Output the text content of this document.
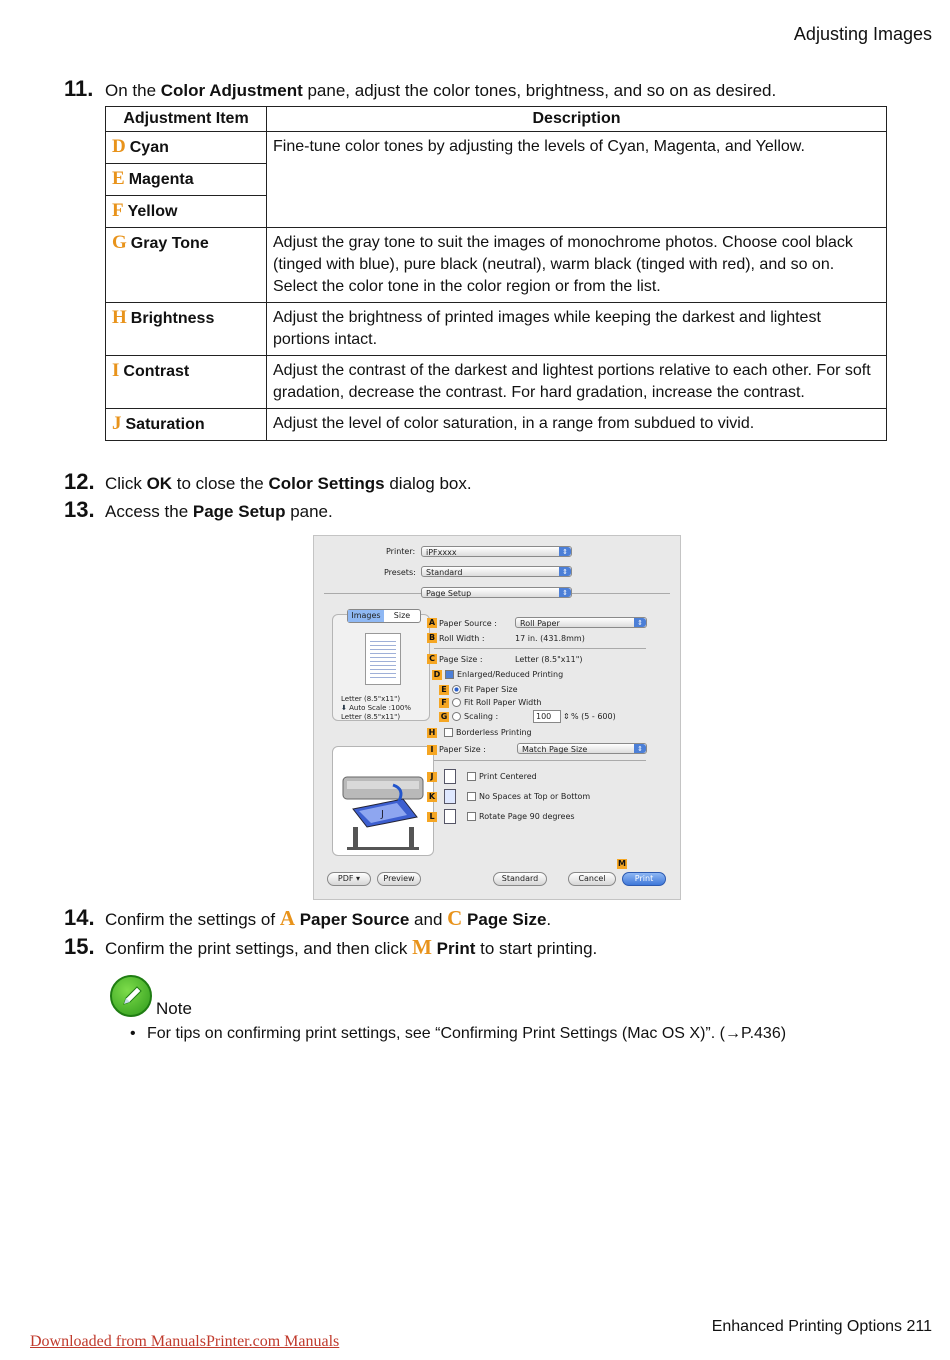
Adjusting Images
11. On the Color Adjustment pane, adjust the color tones, brightness, and so on as desired.
Adjustment Item	Description
D Cyan	Fine-tune color tones by adjusting the levels of Cyan, Magenta, and Yellow.
E Magenta	
F Yellow	
G Gray Tone	Adjust the gray tone to suit the images of monochrome photos. Choose cool black (tinged with blue), pure black (neutral), warm black (tinged with red), and so on. Select the color tone in the color region or from the list.
H Brightness	Adjust the brightness of printed images while keeping the darkest and lightest portions intact.
I Contrast	Adjust the contrast of the darkest and lightest portions relative to each other. For soft gradation, decrease the contrast. For hard gradation, increase the contrast.
J Saturation	Adjust the level of color saturation, in a range from subdued to vivid.
12. Click OK to close the Color Settings dialog box.
13. Access the Page Setup pane.
Printer:	iPFxxxx	⇕
Presets:	Standard	⇕
Page Setup	⇕
Images	Size
Letter (8.5"x11")
⬇ Auto Scale :100%
Letter (8.5"x11")
J
A Paper Source :	Roll Paper	⇕
B Roll Width :	17 in. (431.8mm)
C Page Size :	Letter (8.5"x11")
D	Enlarged/Reduced Printing
E	Fit Paper Size
F	Fit Roll Paper Width
G	Scaling :	100	⇕ % (5 - 600)
H	Borderless Printing
I Paper Size :	Match Page Size	⇕
J	Print Centered
K	No Spaces at Top or Bottom
L	Rotate Page 90 degrees
M
PDF ▾	Preview	Standard	Cancel	Print
14. Confirm the settings of A Paper Source and C Page Size.
15. Confirm the print settings, and then click M Print to start printing.
Note
• For tips on confirming print settings, see “Confirming Print Settings (Mac OS X)”. (→P.436)
Enhanced Printing Options 211
Downloaded from ManualsPrinter.com Manuals
